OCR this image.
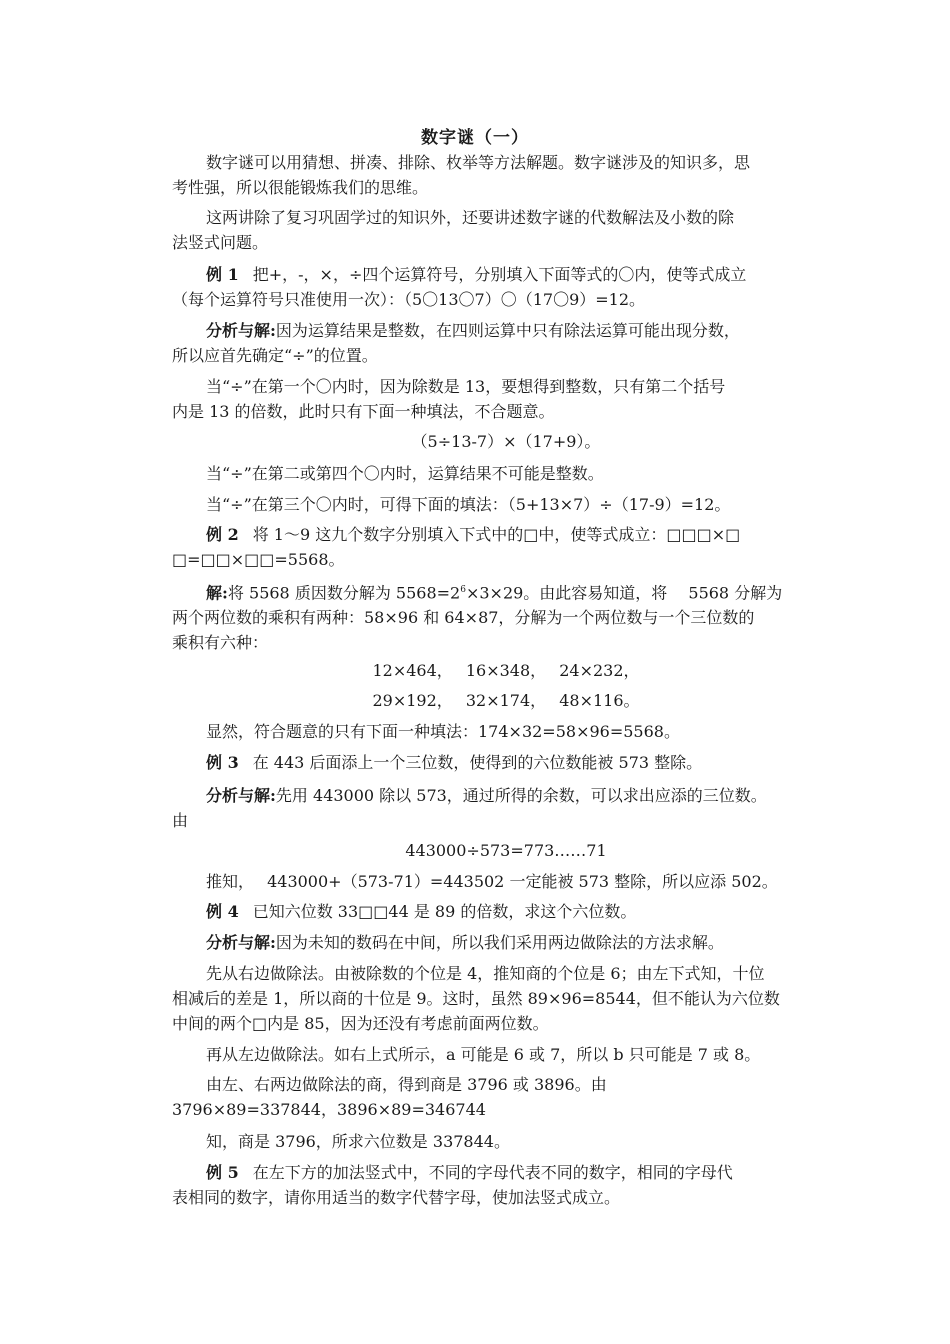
数字谜（一）
数字谜可以用猜想、拼凑、排除、枚举等方法解题。数字谜涉及的知识多，思
考性强，所以很能锻炼我们的思维。
这两讲除了复习巩固学过的知识外，还要讲述数字谜的代数解法及小数的除
法竖式问题。
例 1 把+，-，×，÷四个运算符号，分别填入下面等式的〇内，使等式成立
（每个运算符号只准使用一次）：（5〇13〇7）〇（17〇9）=12。
分析与解:因为运算结果是整数，在四则运算中只有除法运算可能出现分数，
所以应首先确定“÷”的位置。
当“÷”在第一个〇内时，因为除数是 13，要想得到整数，只有第二个括号
内是 13 的倍数，此时只有下面一种填法，不合题意。
（5÷13-7）×（17+9）。
当“÷”在第二或第四个〇内时，运算结果不可能是整数。
当“÷”在第三个〇内时，可得下面的填法：（5+13×7）÷（17-9）=12。
例 2 将 1～9 这九个数字分别填入下式中的□中，使等式成立：□□□×□
□=□□×□□=5568。
解:将 5568 质因数分解为 $5568=2^6\times 3\times 29$。由此容易知道，将　 5568 分解为
两个两位数的乘积有两种：58×96 和 64×87，分解为一个两位数与一个三位数的
乘积有六种：
12×464，　 16×348，　 24×232，
29×192，　 32×174，　 48×116。
显然，符合题意的只有下面一种填法：174×32=58×96=5568。
例 3 在 443 后面添上一个三位数，使得到的六位数能被 573 整除。
分析与解:先用 443000 除以 573，通过所得的余数，可以求出应添的三位数。
由
443000÷573=773……71
推知，　 443000+（573-71）=443502 一定能被 573 整除，所以应添 502。
例 4 已知六位数 33□□44 是 89 的倍数，求这个六位数。
分析与解:因为未知的数码在中间，所以我们采用两边做除法的方法求解。
先从右边做除法。由被除数的个位是 4，推知商的个位是 6；由左下式知，十位
相减后的差是 1，所以商的十位是 9。这时，虽然 89×96=8544，但不能认为六位数
中间的两个□内是 85，因为还没有考虑前面两位数。
再从左边做除法。如右上式所示，a 可能是 6 或 7，所以 b 只可能是 7 或 8。
由左、右两边做除法的商，得到商是 3796 或 3896。由
3796×89=337844，3896×89=346744
知，商是 3796，所求六位数是 337844。
例 5 在左下方的加法竖式中，不同的字母代表不同的数字，相同的字母代
表相同的数字，请你用适当的数字代替字母，使加法竖式成立。
